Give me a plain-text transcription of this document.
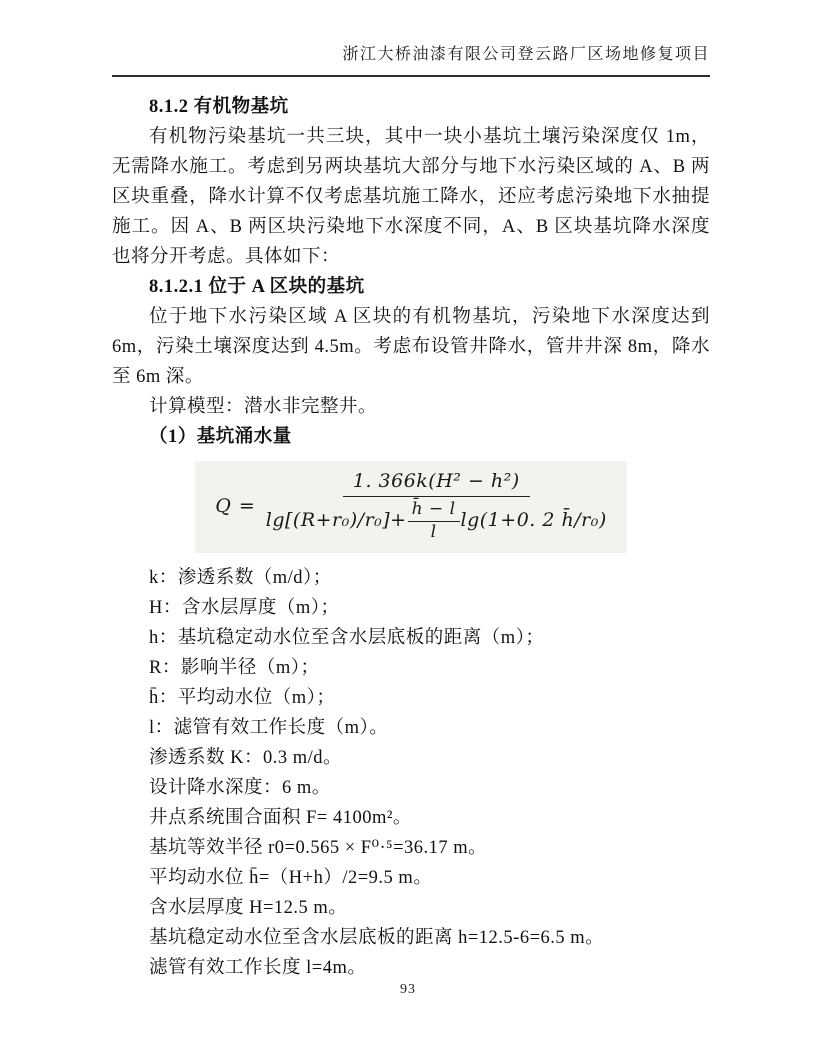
浙江大桥油漆有限公司登云路厂区场地修复项目
8.1.2 有机物基坑

有机物污染基坑一共三块，其中一块小基坑土壤污染深度仅 1m，无需降水施工。考虑到另两块基坑大部分与地下水污染区域的 A、B 两区块重叠，降水计算不仅考虑基坑施工降水，还应考虑污染地下水抽提施工。因 A、B 两区块污染地下水深度不同，A、B 区块基坑降水深度也将分开考虑。具体如下：

8.1.2.1 位于 A 区块的基坑

位于地下水污染区域 A 区块的有机物基坑，污染地下水深度达到 6m，污染土壤深度达到 4.5m。考虑布设管井降水，管井井深 8m，降水至 6m 深。

计算模型：潜水非完整井。

（1）基坑涌水量
Q =
1. 366k(H² − h²)
$\lg[(R+r_0)/r_0]+ \frac{h̄ - l}{l} \lg(1+0$. 2 h̄/r₀)

k：渗透系数（m/d）；

H：含水层厚度（m）；

h：基坑稳定动水位至含水层底板的距离（m）；

R：影响半径（m）；

h̄：平均动水位（m）；

l：滤管有效工作长度（m）。

渗透系数 K：0.3 m/d。

设计降水深度：6 m。

井点系统围合面积 F= 4100m²。

基坑等效半径 r0=0.565 × F⁰·⁵=36.17 m。

平均动水位 h̄=（H+h）/2=9.5 m。

含水层厚度 H=12.5 m。

基坑稳定动水位至含水层底板的距离 h=12.5-6=6.5 m。

滤管有效工作长度 l=4m。

93
